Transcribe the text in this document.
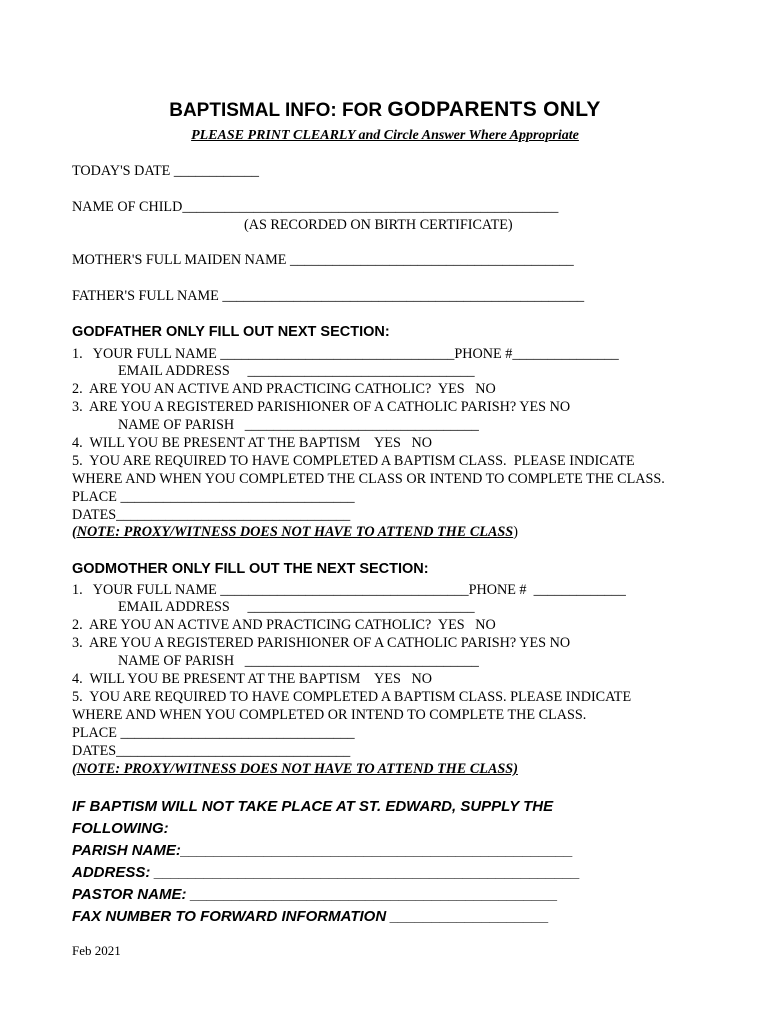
BAPTISMAL INFO: FOR GODPARENTS ONLY
PLEASE PRINT CLEARLY and Circle Answer Where Appropriate
TODAY'S DATE ____________
NAME OF CHILD_____________________________________________________
(AS RECORDED ON BIRTH CERTIFICATE)
MOTHER'S FULL MAIDEN NAME ________________________________________
FATHER'S FULL NAME ___________________________________________________
GODFATHER ONLY FILL OUT NEXT SECTION:
1.   YOUR FULL NAME _________________________________PHONE #_______________
EMAIL ADDRESS     ________________________________
2.  ARE YOU AN ACTIVE AND PRACTICING CATHOLIC?  YES   NO
3.  ARE YOU A REGISTERED PARISHIONER OF A CATHOLIC PARISH? YES NO
NAME OF PARISH   _________________________________
4.  WILL YOU BE PRESENT AT THE BAPTISM    YES   NO
5.  YOU ARE REQUIRED TO HAVE COMPLETED A BAPTISM CLASS.  PLEASE INDICATE
WHERE AND WHEN YOU COMPLETED THE CLASS OR INTEND TO COMPLETE THE CLASS.
PLACE _________________________________
DATES_________________________________
(NOTE: PROXY/WITNESS DOES NOT HAVE TO ATTEND THE CLASS)
GODMOTHER ONLY FILL OUT THE NEXT SECTION:
1.   YOUR FULL NAME ___________________________________PHONE #  _____________
EMAIL ADDRESS     ________________________________
2.  ARE YOU AN ACTIVE AND PRACTICING CATHOLIC?  YES   NO
3.  ARE YOU A REGISTERED PARISHIONER OF A CATHOLIC PARISH? YES NO
NAME OF PARISH   _________________________________
4.  WILL YOU BE PRESENT AT THE BAPTISM    YES   NO
5.  YOU ARE REQUIRED TO HAVE COMPLETED A BAPTISM CLASS. PLEASE INDICATE
WHERE AND WHEN YOU COMPLETED OR INTEND TO COMPLETE THE CLASS.
PLACE _________________________________
DATES_________________________________
(NOTE: PROXY/WITNESS DOES NOT HAVE TO ATTEND THE CLASS)
IF BAPTISM WILL NOT TAKE PLACE AT ST. EDWARD, SUPPLY THE
FOLLOWING:
PARISH NAME:_______________________________________________
ADDRESS: ___________________________________________________
PASTOR NAME: ____________________________________________
FAX NUMBER TO FORWARD INFORMATION ___________________
Feb 2021
